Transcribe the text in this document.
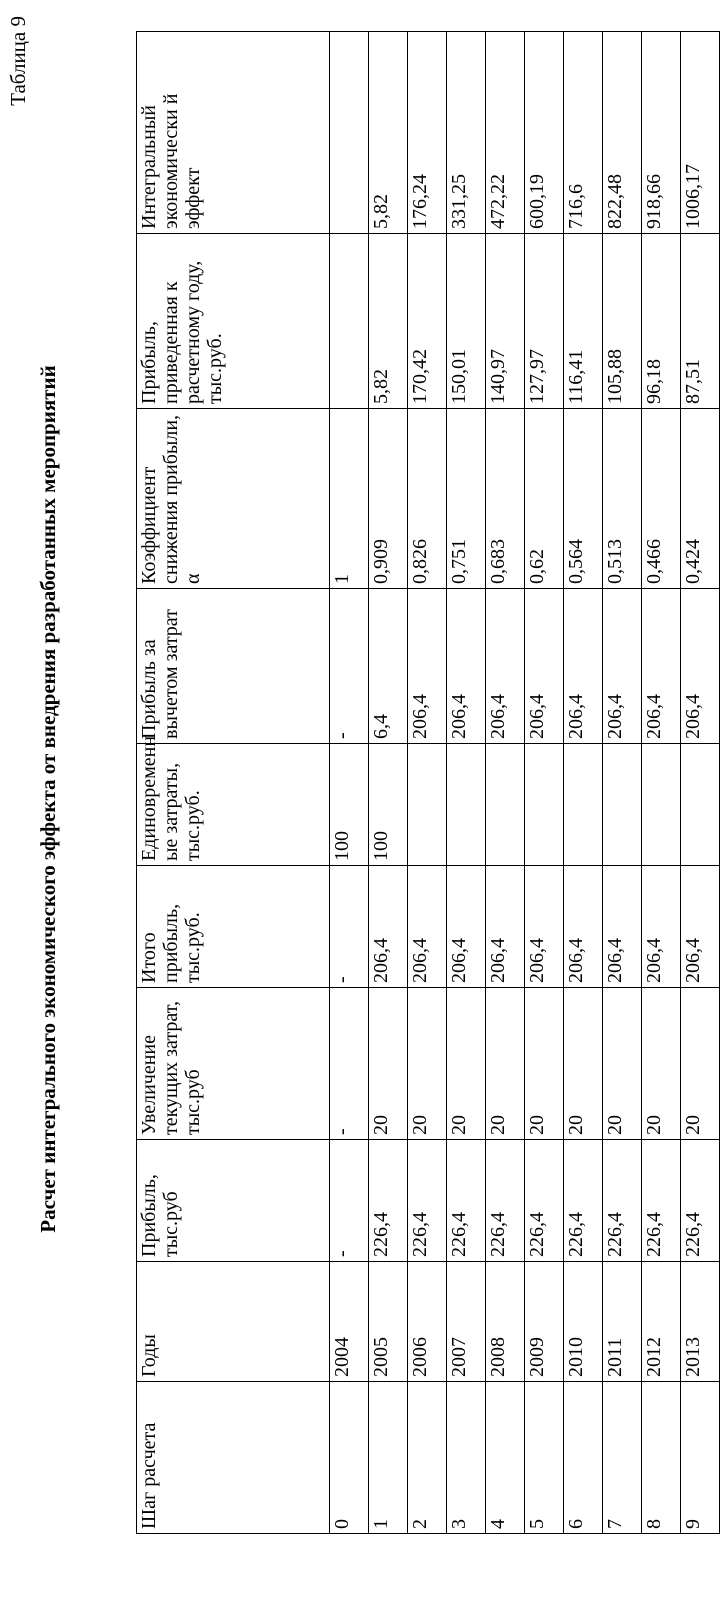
Таблица 9
Расчет интегрального экономического эффекта от внедрения разработанных мероприятий
Шаг расчета	Годы	Прибыль, тыс.руб	Увеличение текущих затрат, тыс.руб	Итого прибыль, тыс.руб.	Единовременн ые затраты, тыс.руб.	Прибыль за вычетом затрат	Коэффициент снижения прибыли, α	Прибыль, приведенная к расчетному году, тыс.руб.	Интегральный экономически й эффект
0	2004	-	-	-	100	-	1		
1	2005	226,4	20	206,4	100	6,4	0,909	5,82	5,82
2	2006	226,4	20	206,4		206,4	0,826	170,42	176,24
3	2007	226,4	20	206,4		206,4	0,751	150,01	331,25
4	2008	226,4	20	206,4		206,4	0,683	140,97	472,22
5	2009	226,4	20	206,4		206,4	0,62	127,97	600,19
6	2010	226,4	20	206,4		206,4	0,564	116,41	716,6
7	2011	226,4	20	206,4		206,4	0,513	105,88	822,48
8	2012	226,4	20	206,4		206,4	0,466	96,18	918,66
9	2013	226,4	20	206,4		206,4	0,424	87,51	1006,17
